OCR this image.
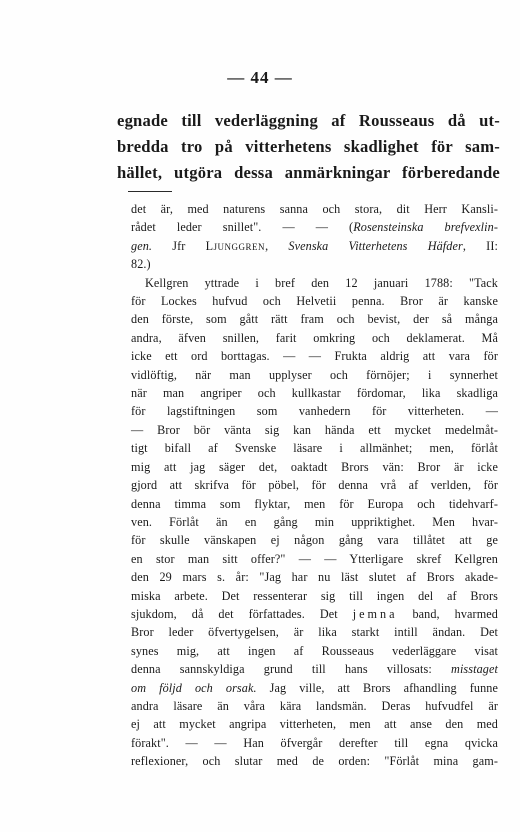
— 44 —
egnade till vederläggning af Rousseaus då ut-
bredda tro på vitterhetens skadlighet för sam-
hället, utgöra dessa anmärkningar förberedande
det är, med naturens sanna och stora, dit Herr Kansli-
rådet leder snillet". — — (Rosensteinska brefvexlin-
gen. Jfr Ljunggren, Svenska Vitterhetens Häfder, II:
82.)
Kellgren yttrade i bref den 12 januari 1788: "Tack
för Lockes hufvud och Helvetii penna. Bror är kanske
den förste, som gått rätt fram och bevist, der så många
andra, äfven snillen, farit omkring och deklamerat. Må
icke ett ord borttagas. — — Frukta aldrig att vara för
vidlöftig, när man upplyser och förnöjer; i synnerhet
när man angriper och kullkastar fördomar, lika skadliga
för lagstiftningen som vanhedern för vitterheten. —
— Bror bör vänta sig kan hända ett mycket medelmåt-
tigt bifall af Svenske läsare i allmänhet; men, förlåt
mig att jag säger det, oaktadt Brors vän: Bror är icke
gjord att skrifva för pöbel, för denna vrå af verlden, för
denna timma som flyktar, men för Europa och tidehvarf-
ven. Förlåt än en gång min uppriktighet. Men hvar-
för skulle vänskapen ej någon gång vara tillåtet att ge
en stor man sitt offer?" — — Ytterligare skref Kellgren
den 29 mars s. år: "Jag har nu läst slutet af Brors akade-
miska arbete. Det ressenterar sig till ingen del af Brors
sjukdom, då det författades. Det jemna band, hvarmed
Bror leder öfvertygelsen, är lika starkt intill ändan. Det
synes mig, att ingen af Rousseaus vederläggare visat
denna sannskyldiga grund till hans villosats: misstaget
om följd och orsak. Jag ville, att Brors afhandling funne
andra läsare än våra kära landsmän. Deras hufvudfel är
ej att mycket angripa vitterheten, men att anse den med
förakt". — — Han öfvergår derefter till egna qvicka
reflexioner, och slutar med de orden: "Förlåt mina gam-
